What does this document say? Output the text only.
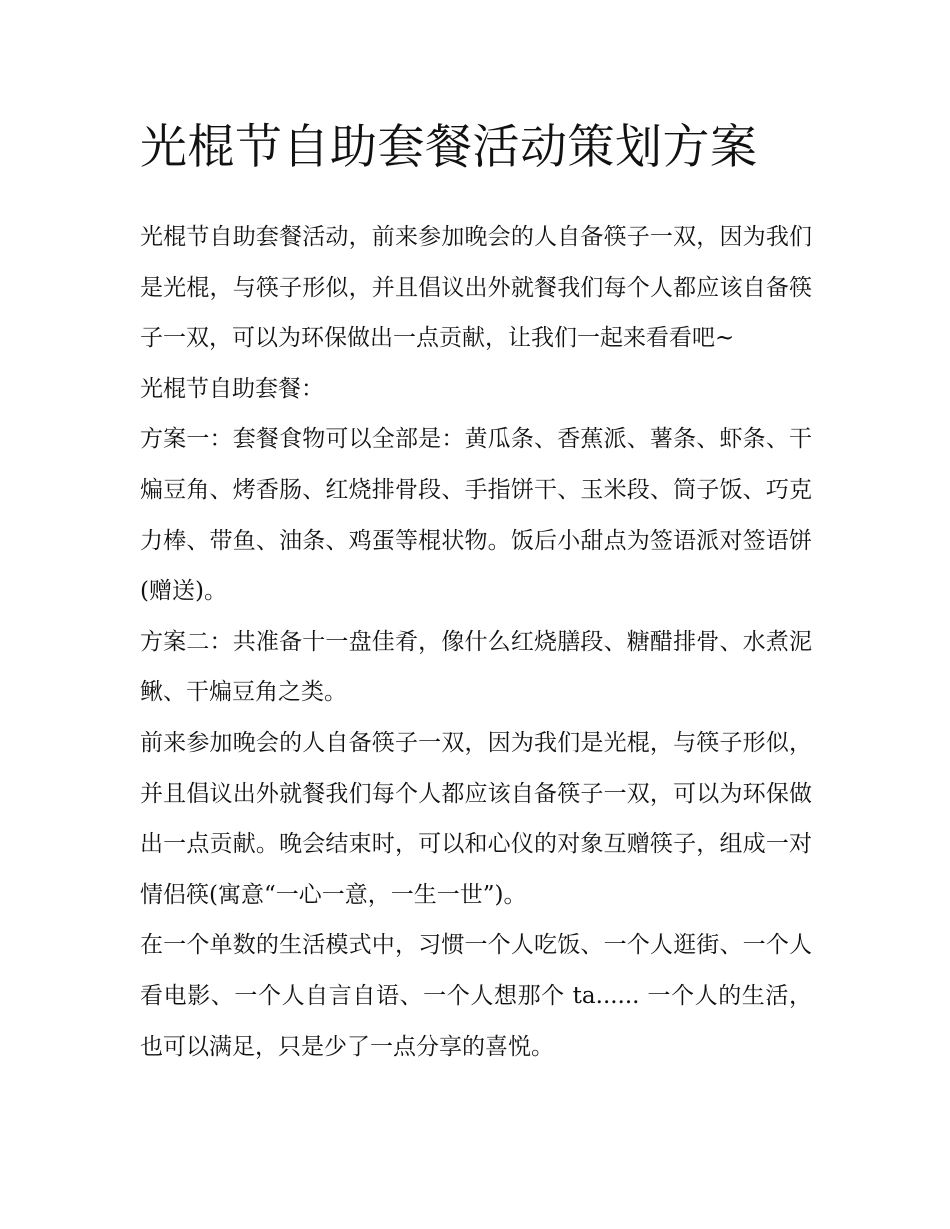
光棍节自助套餐活动策划方案

光棍节自助套餐活动，前来参加晚会的人自备筷子一双，因为我们是光棍，与筷子形似，并且倡议出外就餐我们每个人都应该自备筷子一双，可以为环保做出一点贡献，让我们一起来看看吧~

光棍节自助套餐：

方案一：套餐食物可以全部是：黄瓜条、香蕉派、薯条、虾条、干煸豆角、烤香肠、红烧排骨段、手指饼干、玉米段、筒子饭、巧克力棒、带鱼、油条、鸡蛋等棍状物。饭后小甜点为签语派对签语饼(赠送)。

方案二：共准备十一盘佳肴，像什么红烧膳段、糖醋排骨、水煮泥鳅、干煸豆角之类。

前来参加晚会的人自备筷子一双，因为我们是光棍，与筷子形似，并且倡议出外就餐我们每个人都应该自备筷子一双，可以为环保做出一点贡献。晚会结束时，可以和心仪的对象互赠筷子，组成一对情侣筷(寓意“一心一意，一生一世”)。

在一个单数的生活模式中，习惯一个人吃饭、一个人逛街、一个人看电影、一个人自言自语、一个人想那个 ta...... 一个人的生活，也可以满足，只是少了一点分享的喜悦。
